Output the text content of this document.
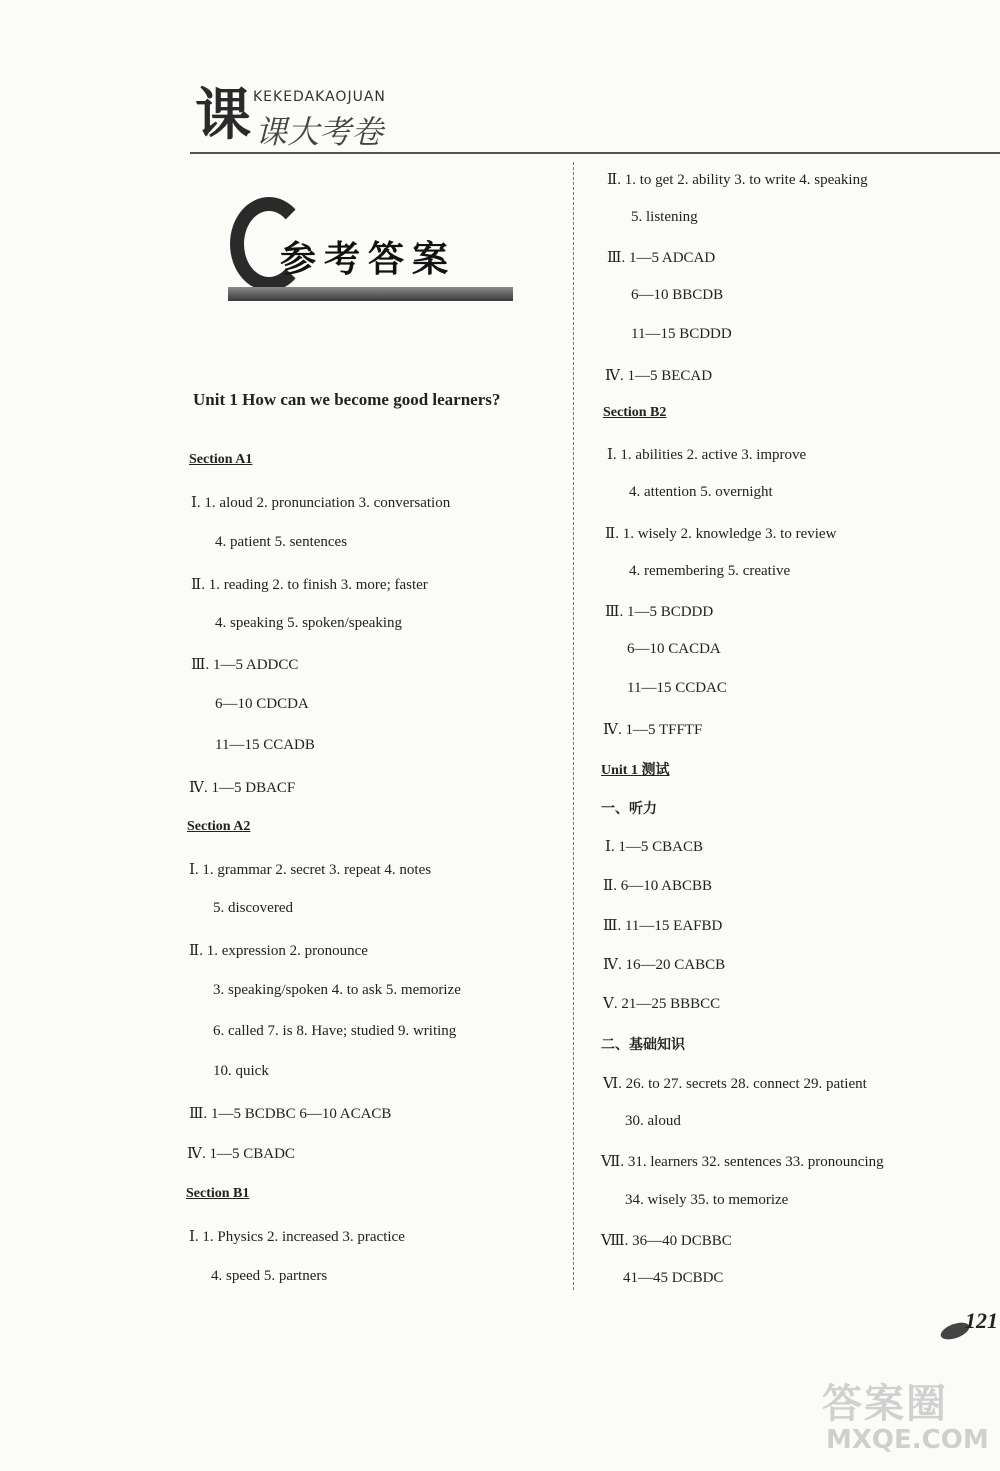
课 KEKEDAKAOJUAN
课大考卷
参考答案
Unit 1 How can we become good learners?
Section A1
Ⅰ. 1. aloud 2. pronunciation 3. conversation
4. patient 5. sentences
Ⅱ. 1. reading 2. to finish 3. more; faster
4. speaking 5. spoken/speaking
Ⅲ. 1—5 ADDCC
6—10 CDCDA
11—15 CCADB
Ⅳ. 1—5 DBACF
Section A2
Ⅰ. 1. grammar 2. secret 3. repeat 4. notes
5. discovered
Ⅱ. 1. expression 2. pronounce
3. speaking/spoken 4. to ask 5. memorize
6. called 7. is 8. Have; studied 9. writing
10. quick
Ⅲ. 1—5 BCDBC 6—10 ACACB
Ⅳ. 1—5 CBADC
Section B1
Ⅰ. 1. Physics 2. increased 3. practice
4. speed 5. partners
Ⅱ. 1. to get 2. ability 3. to write 4. speaking
5. listening
Ⅲ. 1—5 ADCAD
6—10 BBCDB
11—15 BCDDD
Ⅳ. 1—5 BECAD
Section B2
Ⅰ. 1. abilities 2. active 3. improve
4. attention 5. overnight
Ⅱ. 1. wisely 2. knowledge 3. to review
4. remembering 5. creative
Ⅲ. 1—5 BCDDD
6—10 CACDA
11—15 CCDAC
Ⅳ. 1—5 TFFTF
Unit 1 测试
一、听力
Ⅰ. 1—5 CBACB
Ⅱ. 6—10 ABCBB
Ⅲ. 11—15 EAFBD
Ⅳ. 16—20 CABCB
Ⅴ. 21—25 BBBCC
二、基础知识
Ⅵ. 26. to 27. secrets 28. connect 29. patient
30. aloud
Ⅶ. 31. learners 32. sentences 33. pronouncing
34. wisely 35. to memorize
Ⅷ. 36—40 DCBBC
41—45 DCBDC
121
答案圈
MXQE.COM
